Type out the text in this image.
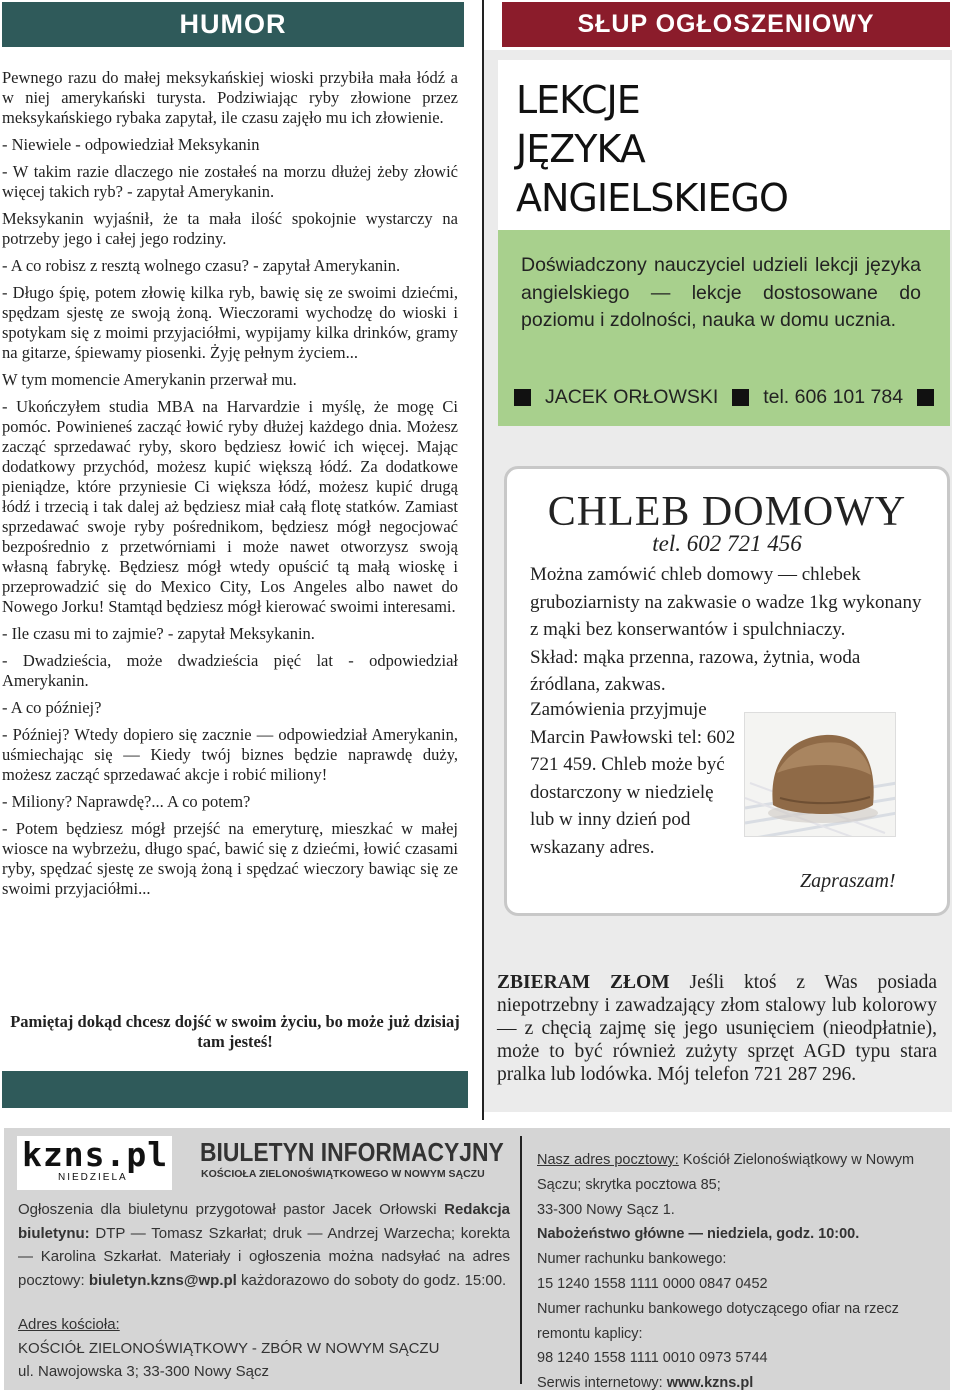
HUMOR

Pewnego razu do małej meksykańskiej wioski przybiła mała łódź a w niej amerykański turysta. Podziwiając ryby złowione przez meksykańskiego rybaka zapytał, ile czasu zajęło mu ich złowienie.

- Niewiele - odpowiedział Meksykanin

- W takim razie dlaczego nie zostałeś na morzu dłużej żeby złowić więcej takich ryb? - zapytał Amerykanin.

Meksykanin wyjaśnił, że ta mała ilość spokojnie wystarczy na potrzeby jego i całej jego rodziny.

- A co robisz z resztą wolnego czasu? - zapytał Amerykanin.

- Długo śpię, potem złowię kilka ryb, bawię się ze swoimi dziećmi, spędzam sjestę ze swoją żoną. Wieczorami wychodzę do wioski i spotykam się z moimi przyjaciółmi, wypijamy kilka drinków, gramy na gitarze, śpiewamy piosenki. Żyję pełnym życiem...

W tym momencie Amerykanin przerwał mu.

- Ukończyłem studia MBA na Harvardzie i myślę, że mogę Ci pomóc. Powinieneś zacząć łowić ryby dłużej każdego dnia. Możesz zacząć sprzedawać ryby, skoro będziesz łowić ich więcej. Mając dodatkowy przychód, możesz kupić większą łódź. Za dodatkowe pieniądze, które przyniesie Ci większa łódź, możesz kupić drugą łódź i trzecią i tak dalej aż będziesz miał całą flotę statków. Zamiast sprzedawać swoje ryby pośrednikom, będziesz mógł negocjować bezpośrednio z przetwórniami i może nawet otworzysz swoją własną fabrykę. Będziesz mógł wtedy opuścić tą małą wioskę i przeprowadzić się do Mexico City, Los Angeles albo nawet do Nowego Jorku! Stamtąd będziesz mógł kierować swoimi interesami.

- Ile czasu mi to zajmie? - zapytał Meksykanin.

- Dwadzieścia, może dwadzieścia pięć lat - odpowiedział Amerykanin.

- A co później?

- Później? Wtedy dopiero się zacznie — odpowiedział Amerykanin, uśmiechając się — Kiedy twój biznes będzie naprawdę duży, możesz zacząć sprzedawać akcje i robić miliony!

- Miliony? Naprawdę?... A co potem?

- Potem będziesz mógł przejść na emeryturę, mieszkać w małej wiosce na wybrzeżu, długo spać, bawić się z dziećmi, łowić czasami ryby, spędzać sjestę ze swoją żoną i spędzać wieczory bawiąc się ze swoimi przyjaciółmi...

Pamiętaj dokąd chcesz dojść w swoim życiu, bo może już dzisiaj tam jesteś!
SŁUP OGŁOSZENIOWY
LEKCJE
JĘZYKA
ANGIELSKIEGO
Doświadczony nauczyciel udzieli lekcji języka angielskiego — lekcje dostosowane do poziomu i zdolności, nauka w domu ucznia.
JACEK ORŁOWSKI tel. 606 101 784
CHLEB DOMOWY
tel. 602 721 456
Można zamówić chleb domowy — chlebek gruboziarnisty na zakwasie o wadze 1kg wykonany z mąki bez konserwantów i spulchniaczy.
Skład: mąka przenna, razowa, żytnia, woda źródlana, zakwas.
Zamówienia przyjmuje Marcin Pawłowski tel: 602 721 459. Chleb może być dostarczony w niedzielę lub w inny dzień pod wskazany adres.
Zapraszam!
ZBIERAM ZŁOM Jeśli ktoś z Was posiada niepotrzebny i zawadzający złom stalowy lub kolorowy — z chęcią zajmę się jego usunięciem (nieodpłatnie), może to być również zużyty sprzęt AGD typu stara pralka lub lodówka. Mój telefon 721 287 296.
kzns.pl
NIEDZIELA
BIULETYN INFORMACYJNY
KOŚCIOŁA ZIELONOŚWIĄTKOWEGO W NOWYM SĄCZU
Ogłoszenia dla biuletynu przygotował pastor Jacek Orłowski Redakcja biuletynu: DTP — Tomasz Szkarłat; druk — Andrzej Warzecha; korekta — Karolina Szkarłat. Materiały i ogłoszenia można nadsyłać na adres pocztowy: biuletyn.kzns@wp.pl każdorazowo do soboty do godz. 15:00.
Adres kościoła:
KOŚCIÓŁ ZIELONOŚWIĄTKOWY - ZBÓR W NOWYM SĄCZU
ul. Nawojowska 3; 33-300 Nowy Sącz
Nasz adres pocztowy: Kościół Zielonoświątkowy w Nowym Sączu; skrytka pocztowa 85;
33-300 Nowy Sącz 1.
Nabożeństwo główne — niedziela, godz. 10:00.
Numer rachunku bankowego:
15 1240 1558 1111 0000 0847 0452
Numer rachunku bankowego dotyczącego ofiar na rzecz remontu kaplicy:
98 1240 1558 1111 0010 0973 5744
Serwis internetowy: www.kzns.pl
